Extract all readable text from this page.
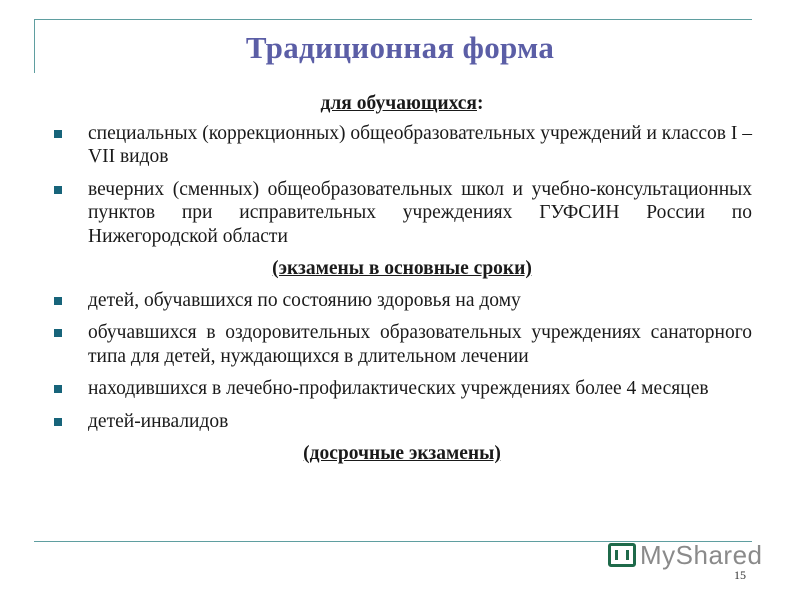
Традиционная форма
для обучающихся:
специальных (коррекционных) общеобразовательных учреждений и классов I – VII видов
вечерних (сменных) общеобразовательных школ и учебно-консультационных пунктов при исправительных учреждениях ГУФСИН России по Нижегородской области
(экзамены в основные сроки)
детей, обучавшихся по состоянию здоровья на дому
обучавшихся в оздоровительных образовательных учреждениях санаторного типа для детей, нуждающихся в длительном лечении
находившихся в лечебно-профилактических учреждениях более 4 месяцев
детей-инвалидов
(досрочные экзамены)
MyShared
15
